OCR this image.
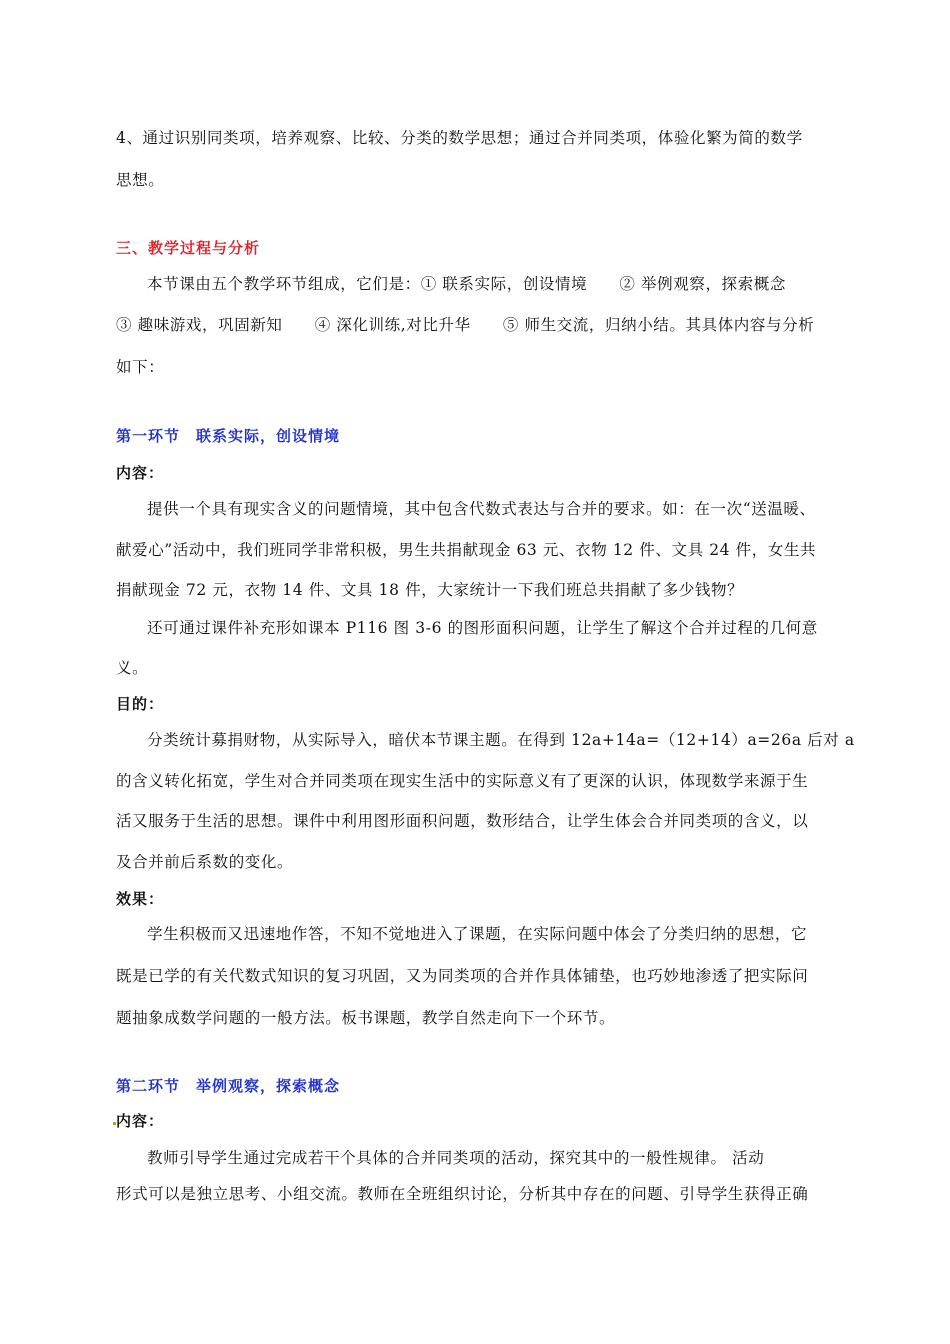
4、通过识别同类项，培养观察、比较、分类的数学思想；通过合并同类项，体验化繁为简的数学
思想。
三、教学过程与分析
本节课由五个教学环节组成，它们是：① 联系实际，创设情境　　② 举例观察，探索概念
③ 趣味游戏，巩固新知　　④ 深化训练,对比升华　　⑤ 师生交流，归纳小结。其具体内容与分析
如下：
第一环节　联系实际，创设情境
内容：
提供一个具有现实含义的问题情境，其中包含代数式表达与合并的要求。如：在一次“送温暖、
献爱心”活动中，我们班同学非常积极，男生共捐献现金 63 元、衣物 12 件、文具 24 件，女生共
捐献现金 72 元，衣物 14 件、文具 18 件，大家统计一下我们班总共捐献了多少钱物？
还可通过课件补充形如课本 P116 图 3-6 的图形面积问题，让学生了解这个合并过程的几何意
义。
目的：
分类统计募捐财物，从实际导入，暗伏本节课主题。在得到 12a+14a=（12+14）a=26a 后对 a
的含义转化拓宽，学生对合并同类项在现实生活中的实际意义有了更深的认识，体现数学来源于生
活又服务于生活的思想。课件中利用图形面积问题，数形结合，让学生体会合并同类项的含义，以
及合并前后系数的变化。
效果：
学生积极而又迅速地作答，不知不觉地进入了课题，在实际问题中体会了分类归纳的思想，它
既是已学的有关代数式知识的复习巩固，又为同类项的合并作具体铺垫，也巧妙地渗透了把实际问
题抽象成数学问题的一般方法。板书课题，教学自然走向下一个环节。
第二环节　举例观察，探索概念
内容：
教师引导学生通过完成若干个具体的合并同类项的活动，探究其中的一般性规律。 活动
形式可以是独立思考、小组交流。教师在全班组织讨论，分析其中存在的问题、引导学生获得正确
